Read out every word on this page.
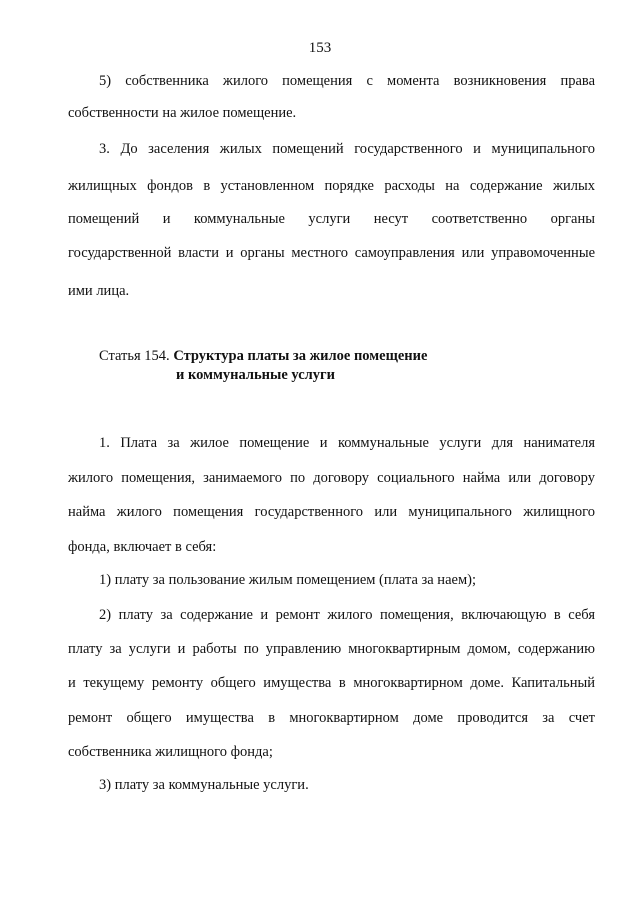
153
5) собственника жилого помещения с момента возникновения права
собственности на жилое помещение.
3. До заселения жилых помещений государственного и муниципального
жилищных фондов в установленном порядке расходы на содержание жилых
помещений и коммунальные услуги несут соответственно органы
государственной власти и органы местного самоуправления или управомоченные
ими лица.
Статья 154. Структура платы за жилое помещение
и коммунальные услуги
1. Плата за жилое помещение и коммунальные услуги для нанимателя
жилого помещения, занимаемого по договору социального найма или договору
найма жилого помещения государственного или муниципального жилищного
фонда, включает в себя:
1) плату за пользование жилым помещением (плата за наем);
2) плату за содержание и ремонт жилого помещения, включающую в себя
плату за услуги и работы по управлению многоквартирным домом, содержанию
и текущему ремонту общего имущества в многоквартирном доме. Капитальный
ремонт общего имущества в многоквартирном доме проводится за счет
собственника жилищного фонда;
3) плату за коммунальные услуги.
